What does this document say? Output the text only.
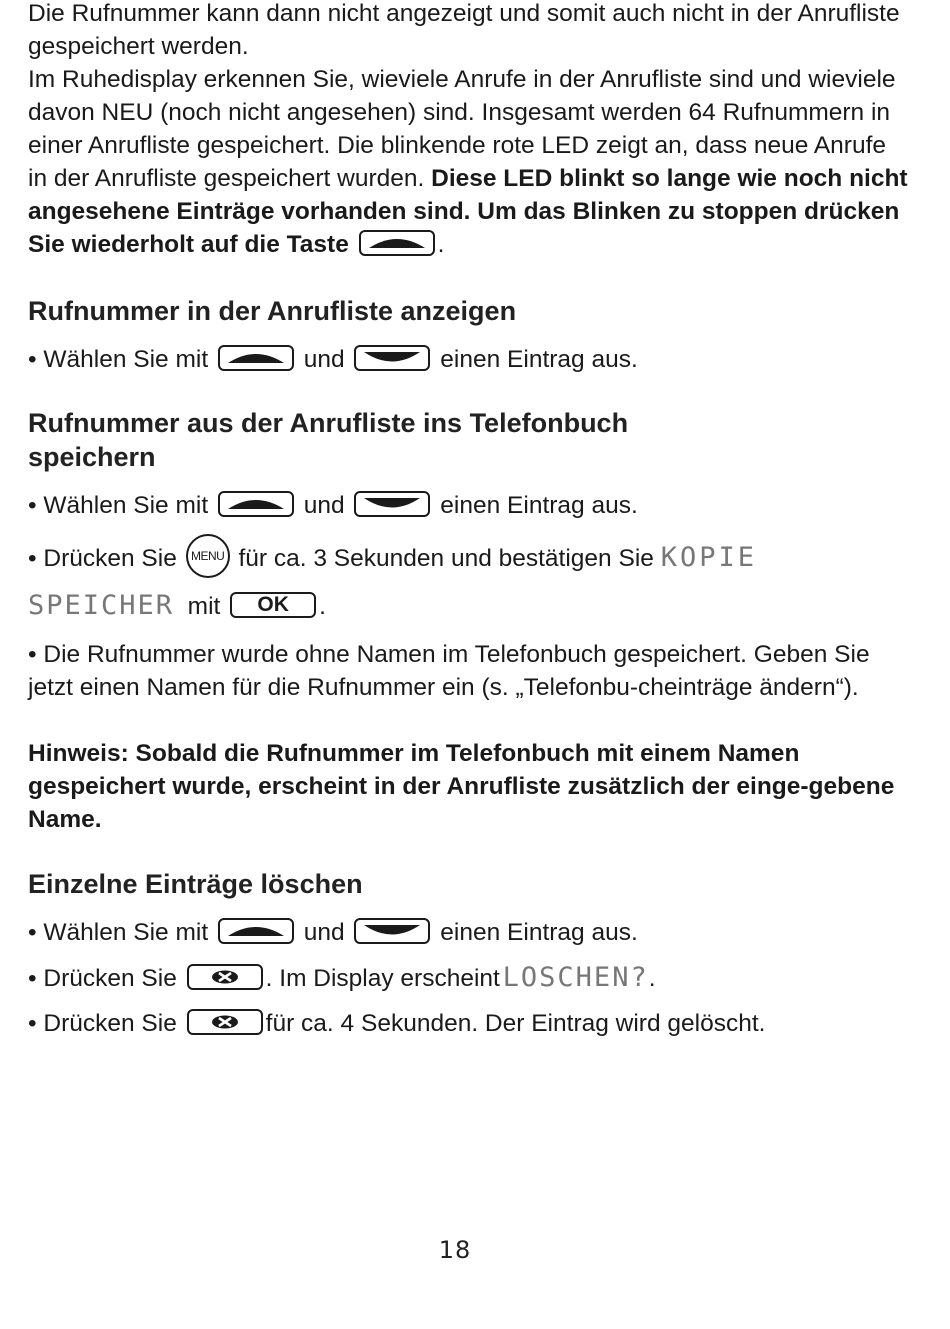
Die Rufnummer kann dann nicht angezeigt und somit auch nicht in der Anrufliste gespeichert werden.
Im Ruhedisplay erkennen Sie, wieviele Anrufe in der Anrufliste sind und wieviele davon NEU (noch nicht angesehen) sind. Insgesamt werden 64 Rufnummern in einer Anrufliste gespeichert. Die blinkende rote LED zeigt an, dass neue Anrufe in der Anrufliste gespeichert wurden. Diese LED blinkt so lange wie noch nicht angesehene Einträge vorhanden sind. Um das Blinken zu stoppen drücken Sie wiederholt auf die Taste	.

Rufnummer in der Anrufliste anzeigen

• Wählen Sie mit	und	einen Eintrag aus.

Rufnummer aus der Anrufliste ins Telefonbuch
speichern

• Wählen Sie mit	und	einen Eintrag aus.

• Drücken Sie MENU für ca. 3 Sekunden und bestätigen Sie KOPIE
SPEICHER mit OK .

• Die Rufnummer wurde ohne Namen im Telefonbuch gespeichert. Geben Sie jetzt einen Namen für die Rufnummer ein (s. „Telefonbu-cheinträge ändern“).

Hinweis: Sobald die Rufnummer im Telefonbuch mit einem Namen gespeichert wurde, erscheint in der Anrufliste zusätzlich der einge-gebene Name.

Einzelne Einträge löschen

• Wählen Sie mit	und	einen Eintrag aus.

• Drücken Sie	. Im Display erscheint LOSCHEN?.

• Drücken Sie	für ca. 4 Sekunden. Der Eintrag wird gelöscht.

18
